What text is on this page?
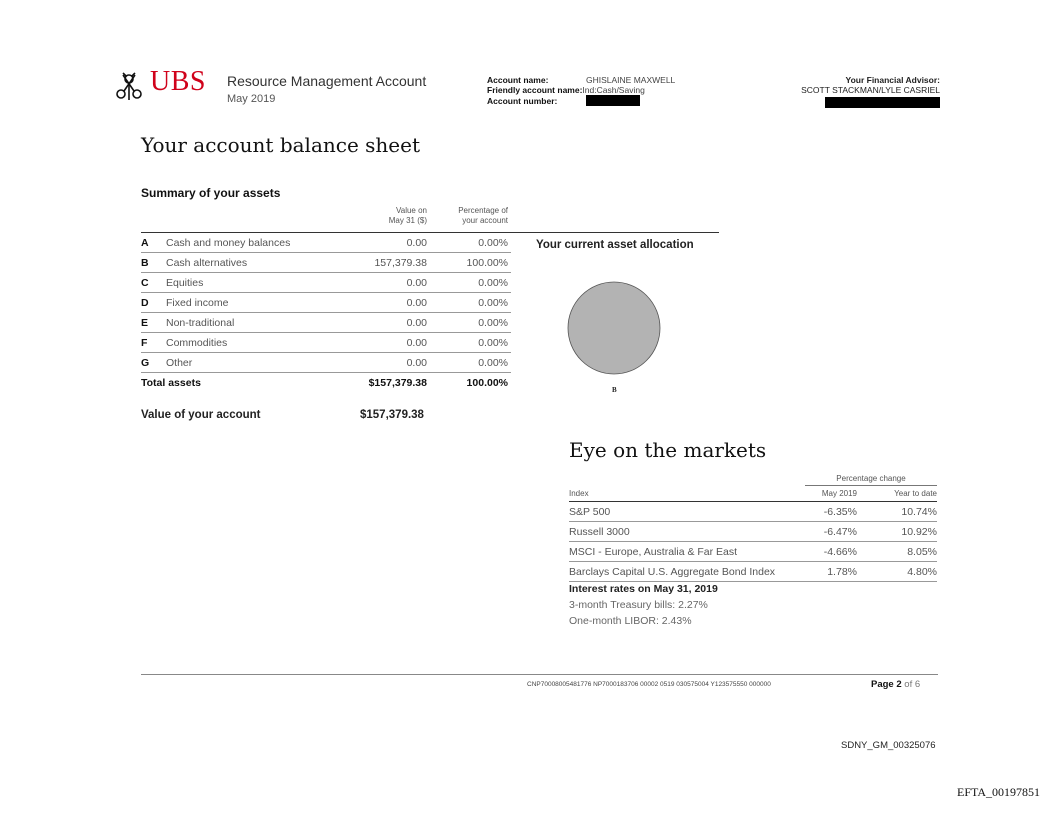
UBS Resource Management Account
May 2019
Account name:	GHISLAINE MAXWELL
Friendly account name:Ind:Cash/Saving
Account number:
Your Financial Advisor:
SCOTT STACKMAN/LYLE CASRIEL
Your account balance sheet
Summary of your assets
Value on
May 31 ($)
Percentage of
your account
A Cash and money balances	0.00	0.00%
B Cash alternatives	157,379.38	100.00%
C Equities	0.00	0.00%
D Fixed income	0.00	0.00%
E Non-traditional	0.00	0.00%
F Commodities	0.00	0.00%
G Other	0.00	0.00%
Total assets	$157,379.38	100.00%
Value of your account	$157,379.38
Your current asset allocation
B
Eye on the markets
Percentage change
Index	May 2019	Year to date
S&P 500	-6.35%	10.74%
Russell 3000	-6.47%	10.92%
MSCI - Europe, Australia & Far East	-4.66%	8.05%
Barclays Capital U.S. Aggregate Bond Index	1.78%	4.80%
Interest rates on May 31, 2019
3-month Treasury bills: 2.27%
One-month LIBOR: 2.43%
CNP70008005481776 NP7000183706 00002 0519 030575004 Y123575550 000000	Page 2 of 6
SDNY_GM_00325076
EFTA_00197851
